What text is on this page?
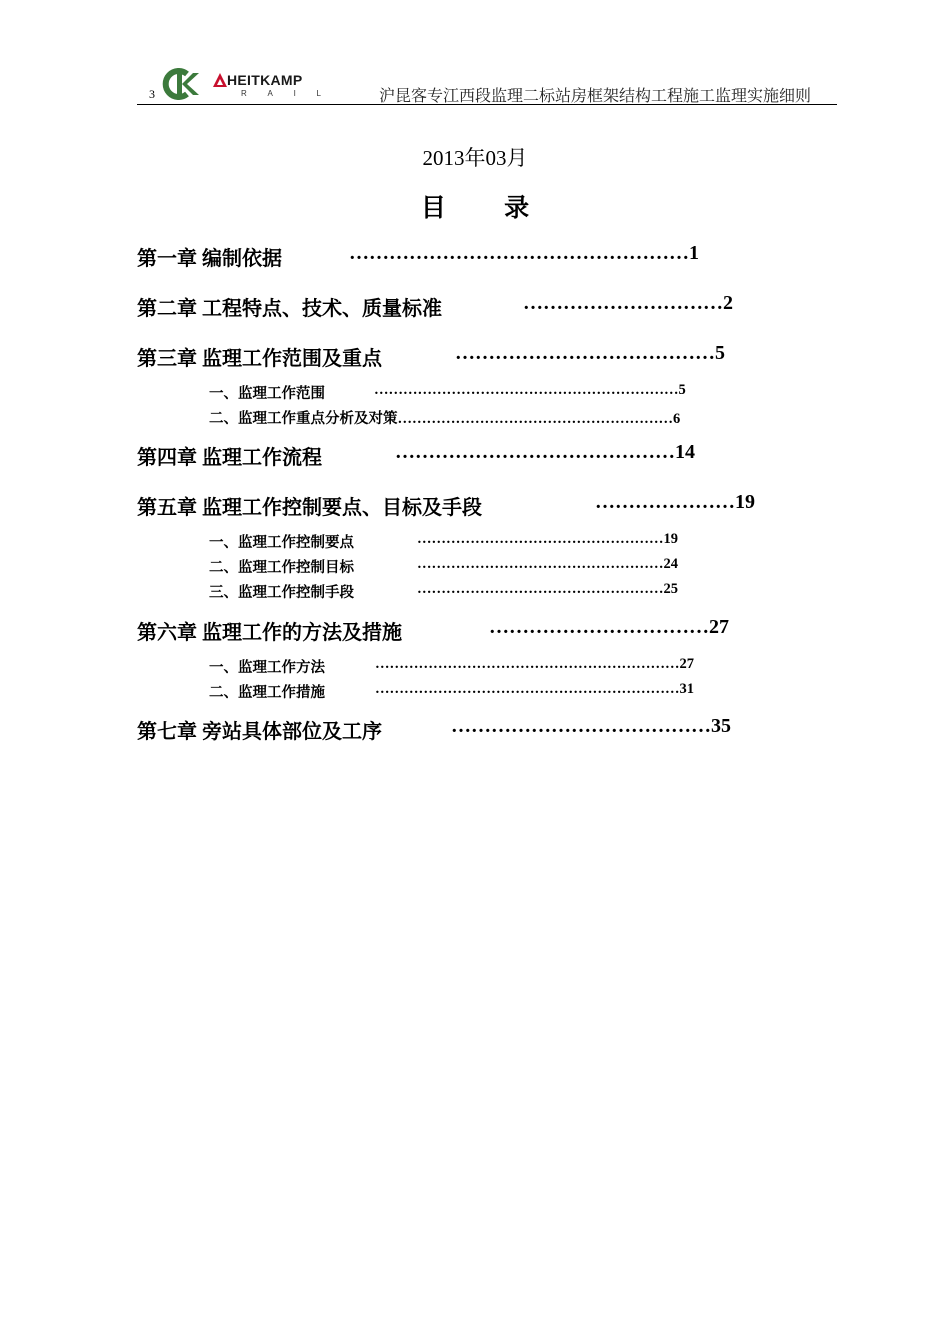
3
HEITKAMP
R	A	I	L	沪昆客专江西段监理二标站房框架结构工程施工监理实施细则
2013年03月
目 录
第一章 编制依据	……………………………………………1
第二章 工程特点、技术、质量标准	…………………………2
第三章 监理工作范围及重点	…………………………………5
一、监理工作范围	………………………………………………………5
二、监理工作重点分析及对策…………………………………………………6
第四章 监理工作流程	……………………………………14
第五章 监理工作控制要点、目标及手段	…………………19
一、监理工作控制要点	……………………………………………19
二、监理工作控制目标	……………………………………………24
三、监理工作控制手段	……………………………………………25
第六章 监理工作的方法及措施	……………………………27
一、监理工作方法	………………………………………………………27
二、监理工作措施	………………………………………………………31
第七章 旁站具体部位及工序	…………………………………35
